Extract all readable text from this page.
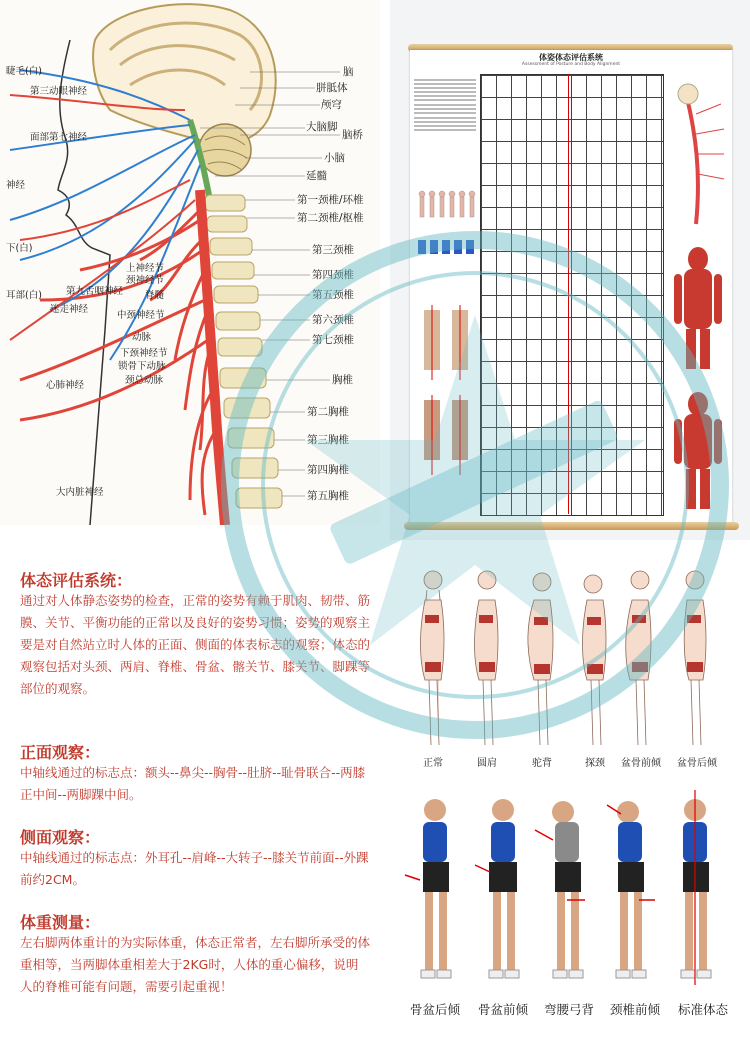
脑
胼胝体
颅穹
大脑脚
脑桥
小脑
延髓
第一颈椎/环椎
第二颈椎/枢椎
第三颈椎
第四颈椎
第五颈椎
第六颈椎
第七颈椎
胸椎
第二胸椎
第三胸椎
第四胸椎
第五胸椎
睫毛(白)
第三动眼神经
面部第七神经
神经
下(白)
耳部(白)	第九舌咽神经
迷走神经
上神经节
颈神经节
脊髓
中颈神经节
动脉
下颈神经节
锁骨下动脉
颈总动脉
心肺神经
大内脏神经
体姿体态评估系统
Assessment of Posture and Body Alignment
体态评估系统：
通过对人体静态姿势的检查，正常的姿势有赖于肌肉、韧带、筋膜、关节、平衡功能的正常以及良好的姿势习惯；姿势的观察主要是对自然站立时人体的正面、侧面的体表标志的观察；体态的观察包括对头颈、两肩、脊椎、骨盆、髂关节、膝关节、脚踝等部位的观察。
正面观察：
中轴线通过的标志点：额头--鼻尖--胸骨--肚脐--耻骨联合--两膝正中间--两脚踝中间。
侧面观察：
中轴线通过的标志点：外耳孔--肩峰--大转子--膝关节前面--外踝前约2CM。
体重测量：
左右脚两体重计的为实际体重，体态正常者，左右脚所承受的体重相等，当两脚体重相差大于2KG时，人体的重心偏移，说明人的脊椎可能有问题，需要引起重视！
正常	圆肩	驼背	探颈	盆骨前倾	盆骨后倾
骨盆后倾	骨盆前倾	弯腰弓背	颈椎前倾	标准体态
